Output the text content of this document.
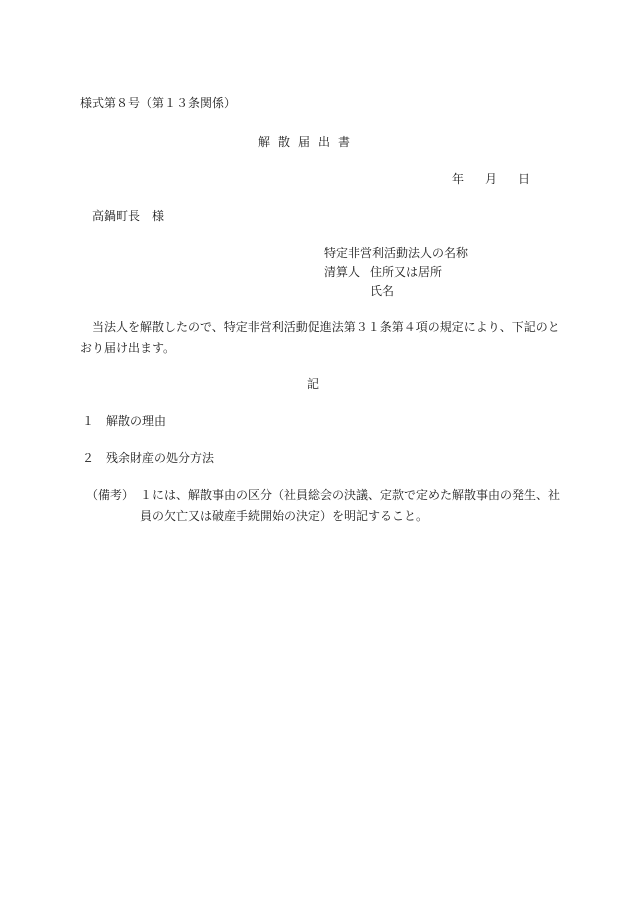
様式第８号（第１３条関係）
解散届出書
年 月 日
高鍋町長　様
特定非営利活動法人の名称
清算人 住所又は居所
氏名
当法人を解散したので、特定非営利活動促進法第３１条第４項の規定により、下記のと
おり届け出ます。
記
１　解散の理由
２　残余財産の処分方法
（備考） １には、解散事由の区分（社員総会の決議、定款で定めた解散事由の発生、社
員の欠亡又は破産手続開始の決定）を明記すること。
